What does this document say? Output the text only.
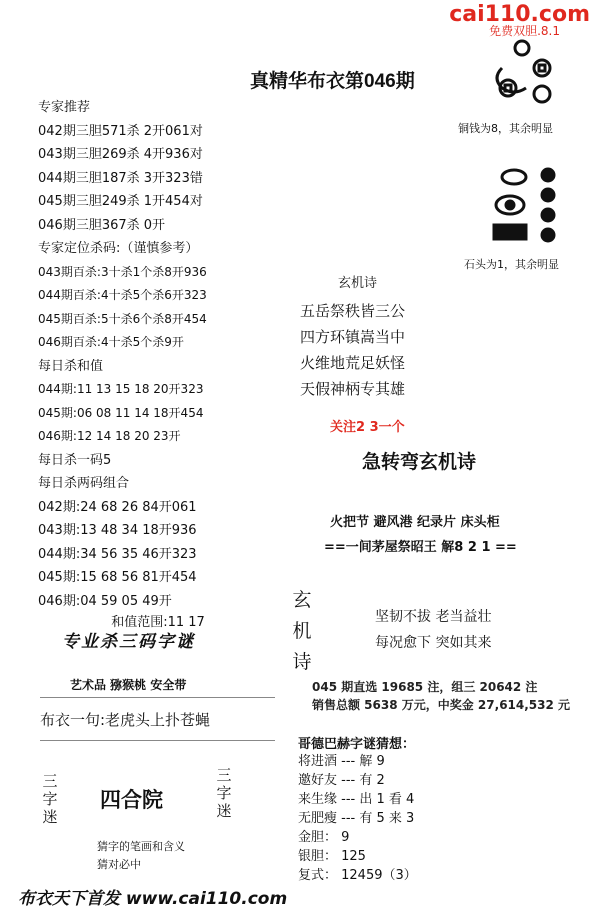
cai110.com
免费双胆.8.1
真精华布衣第046期
专家推荐
042期三胆571杀 2开061对
043期三胆269杀 4开936对
044期三胆187杀 3开323错
045期三胆249杀 1开454对
046期三胆367杀 0开
专家定位杀码:（谨慎参考）
043期百杀:3十杀1个杀8开936
044期百杀:4十杀5个杀6开323
045期百杀:5十杀6个杀8开454
046期百杀:4十杀5个杀9开
每日杀和值
044期:11 13 15 18 20开323
045期:06 08 11 14 18开454
046期:12 14 18 20 23开
每日杀一码5
每日杀两码组合
042期:24 68 26 84开061
043期:13 48 34 18开936
044期:34 56 35 46开323
045期:15 68 56 81开454
046期:04 59 05 49开
和值范围:11 17
铜钱为8，其余明显
石头为1，其余明显
玄机诗
五岳祭秩皆三公
四方环镇嵩当中
火维地荒足妖怪
天假神柄专其雄
关注2 3一个
急转弯玄机诗
火把节 避风港 纪录片 床头柜
==一间茅屋祭昭王 解8 2 1 ==
玄
机
诗
坚韧不拔 老当益壮
每况愈下 突如其来
045 期直选 19685 注，组三 20642 注
销售总额 5638 万元，中奖金 27,614,532 元
哥德巴赫字谜猜想：
将进酒 --- 解 9
邀好友 --- 有 2
来生缘 --- 出 1 看 4
无肥瘦 --- 有 5 来 3
金胆： 9
银胆： 125
复式： 12459（3）
专业杀三码字谜
艺术品 猕猴桃 安全带
布衣一句:老虎头上扑苍蝇
三
字
迷
四合院
三
字
迷
猜字的笔画和含义
猜对必中
布衣天下首发 www.cai110.com
